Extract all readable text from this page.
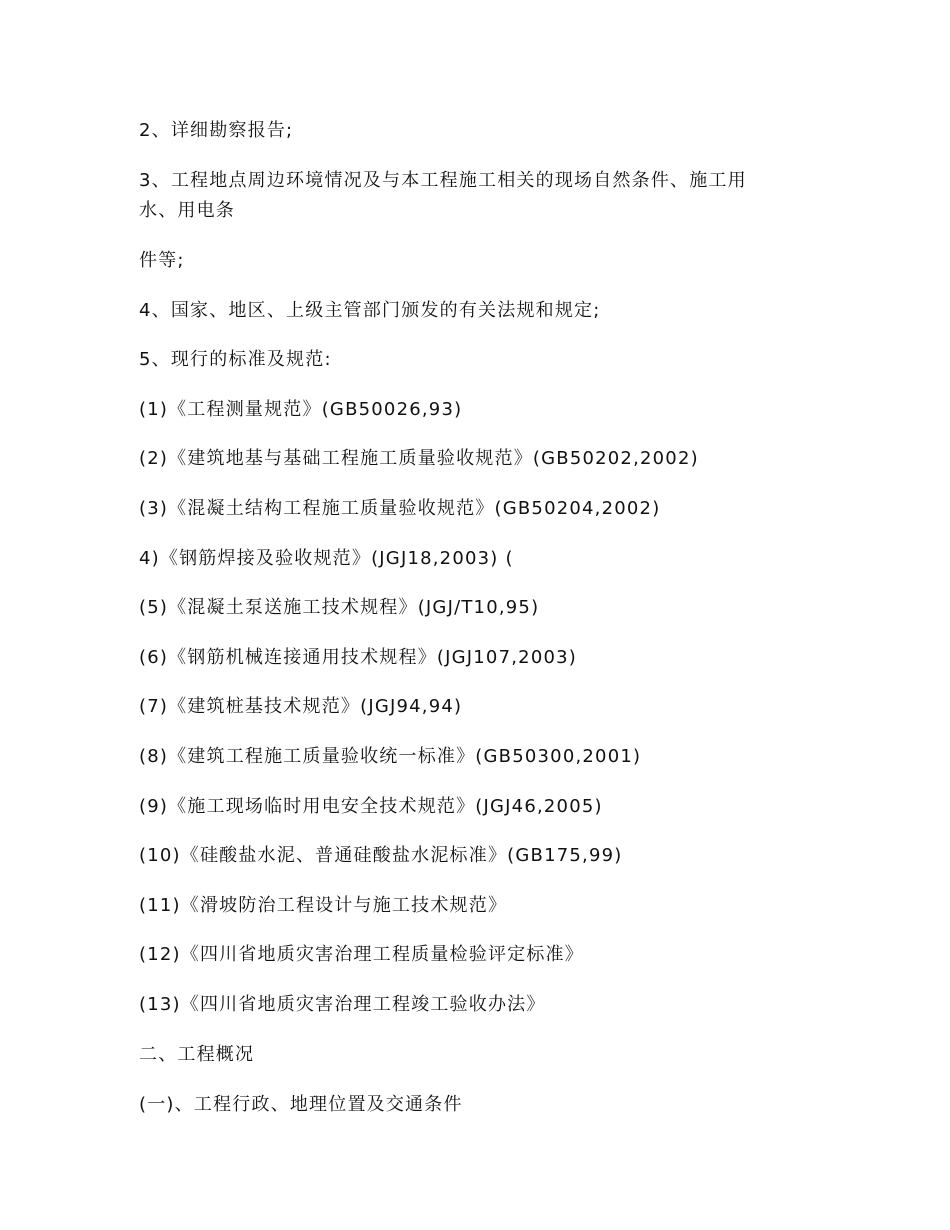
2、详细勘察报告;
3、工程地点周边环境情况及与本工程施工相关的现场自然条件、施工用
水、用电条
件等;
4、国家、地区、上级主管部门颁发的有关法规和规定;
5、现行的标准及规范:
(1)《工程测量规范》(GB50026,93)
(2)《建筑地基与基础工程施工质量验收规范》(GB50202,2002)
(3)《混凝土结构工程施工质量验收规范》(GB50204,2002)
4)《钢筋焊接及验收规范》(JGJ18,2003) (
(5)《混凝土泵送施工技术规程》(JGJ/T10,95)
(6)《钢筋机械连接通用技术规程》(JGJ107,2003)
(7)《建筑桩基技术规范》(JGJ94,94)
(8)《建筑工程施工质量验收统一标准》(GB50300,2001)
(9)《施工现场临时用电安全技术规范》(JGJ46,2005)
(10)《硅酸盐水泥、普通硅酸盐水泥标准》(GB175,99)
(11)《滑坡防治工程设计与施工技术规范》
(12)《四川省地质灾害治理工程质量检验评定标准》
(13)《四川省地质灾害治理工程竣工验收办法》
二、工程概况
(一)、工程行政、地理位置及交通条件
